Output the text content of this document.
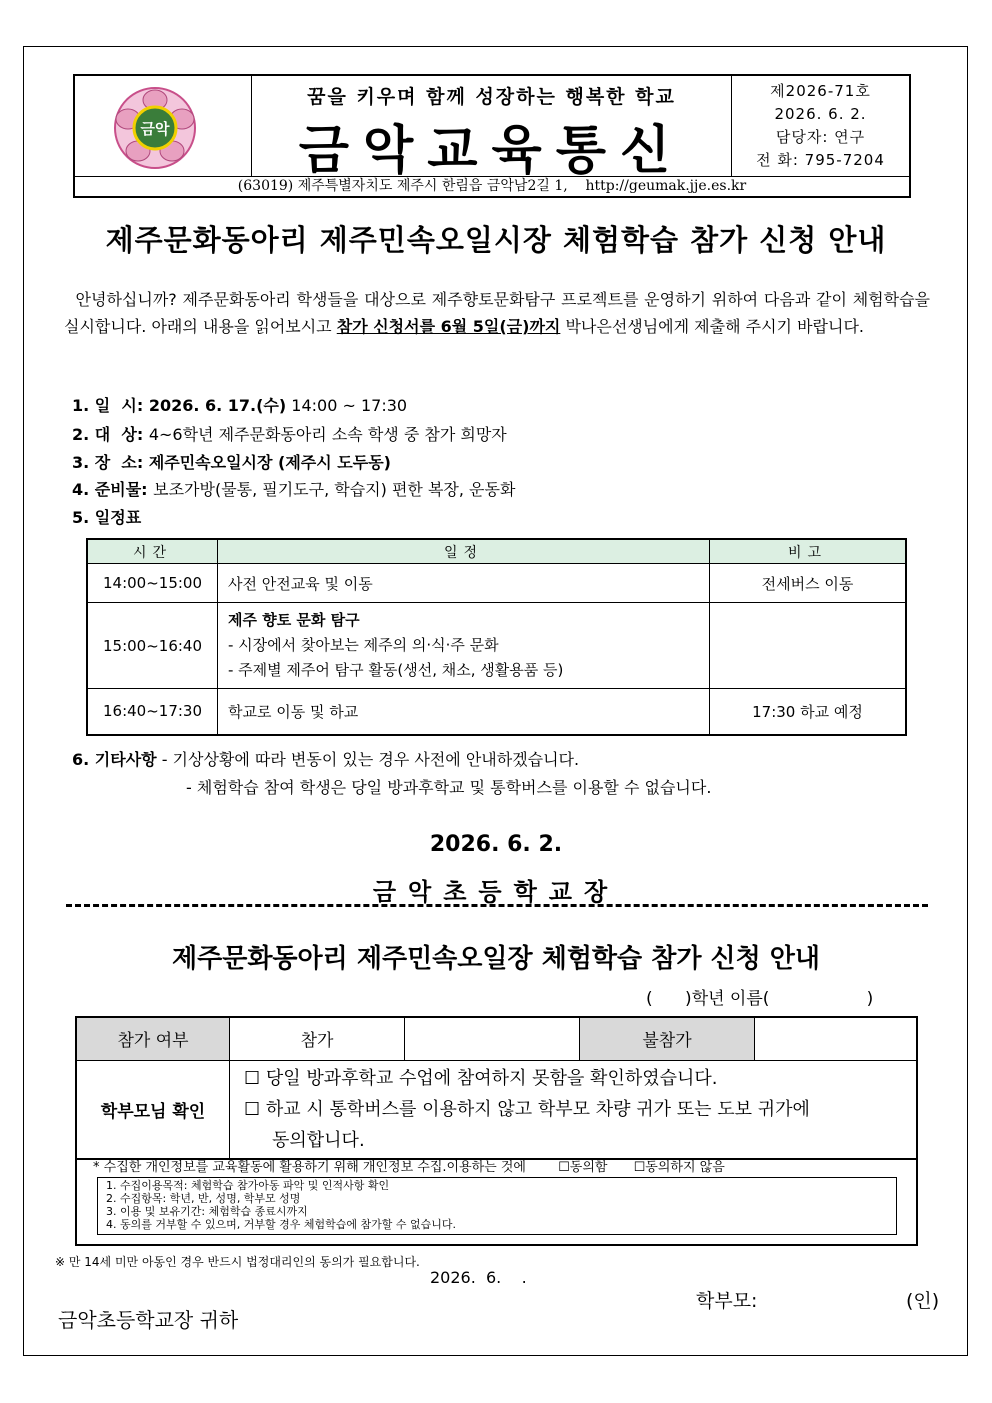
금악
꿈을 키우며 함께 성장하는 행복한 학교
금악교육통신
제2026-71호
2026. 6. 2.
담당자: 연구
전 화: 795-7204
(63019) 제주특별자치도 제주시 한림읍 금악남2길 1,    http://geumak.jje.es.kr
제주문화동아리 제주민속오일시장 체험학습 참가 신청 안내
안녕하십니까? 제주문화동아리 학생들을 대상으로 제주향토문화탐구 프로젝트를 운영하기 위하여 다음과 같이 체험학습을 실시합니다. 아래의 내용을 읽어보시고 참가 신청서를 6월 5일(금)까지 박나은선생님에게 제출해 주시기 바랍니다.
1. 일  시: 2026. 6. 17.(수) 14:00 ~ 17:30
2. 대  상: 4~6학년 제주문화동아리 소속 학생 중 참가 희망자
3. 장  소: 제주민속오일시장 (제주시 도두동)
4. 준비물: 보조가방(물통, 필기도구, 학습지) 편한 복장, 운동화
5. 일정표
시간	일정	비고
14:00~15:00	사전 안전교육 및 이동	전세버스 이동
15:00~16:40	제주 향토 문화 탐구
- 시장에서 찾아보는 제주의 의·식·주 문화
- 주제별 제주어 탐구 활동(생선, 채소, 생활용품 등)	

16:40~17:30	학교로 이동 및 하교	17:30 하교 예정
6. 기타사항 - 기상상황에 따라 변동이 있는 경우 사전에 안내하겠습니다.
- 체험학습 참여 학생은 당일 방과후학교 및 통학버스를 이용할 수 없습니다.
2026. 6. 2.
금악초등학교장
제주문화동아리 제주민속오일장 체험학습 참가 신청 안내
(      )학년 이름(                  )
참가 여부	참가		불참가	
학부모님 확인	☐ 당일 방과후학교 수업에 참여하지 못함을 확인하였습니다.
☐ 하교 시 통학버스를 이용하지 않고 학부모 차량 귀가 또는 도보 귀가에
동의합니다.			
* 수집한 개인정보를 교육활동에 활용하기 위해 개인정보 수집.이용하는 것에 ☐동의함 ☐동의하지 않음
1. 수집이용목적: 체험학습 참가아동 파악 및 인적사항 확인
2. 수집항목: 학년, 반, 성명, 학부모 성명
3. 이용 및 보유기간: 체험학습 종료시까지
4. 동의를 거부할 수 있으며, 거부할 경우 체험학습에 참가할 수 없습니다.
※ 만 14세 미만 아동인 경우 반드시 법정대리인의 동의가 필요합니다.
2026.  6.    .
학부모:	(인)
금악초등학교장 귀하
